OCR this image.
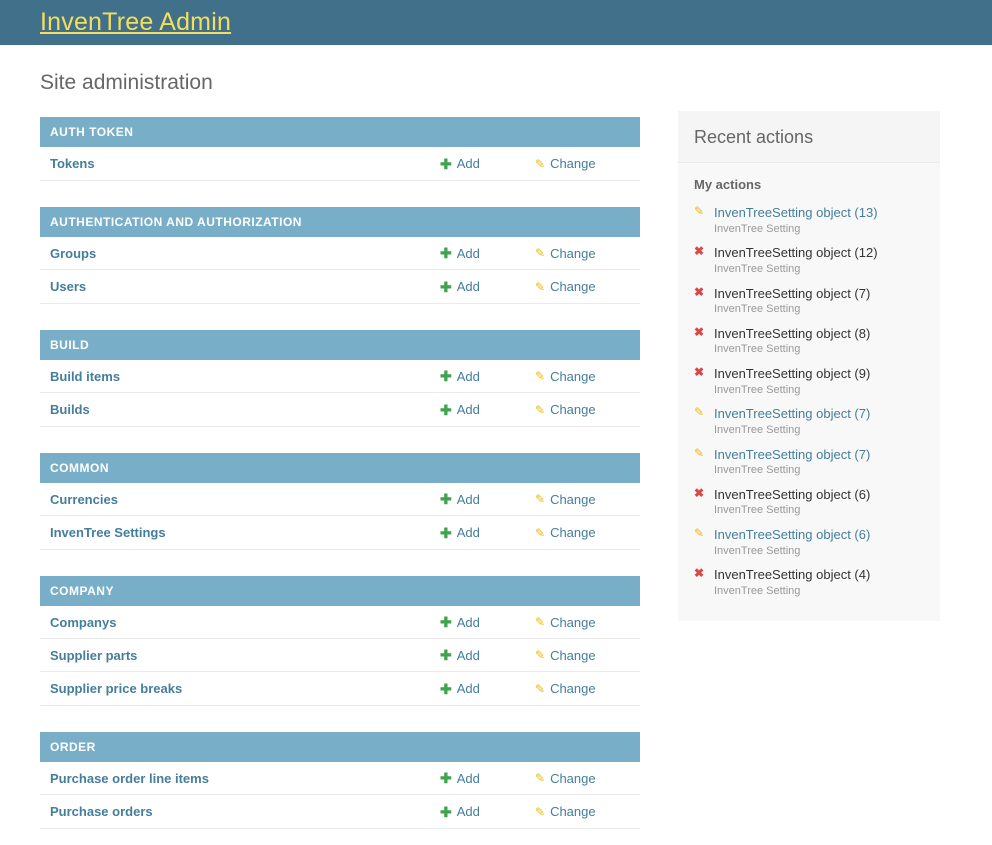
InvenTree Admin
Site administration
AUTH TOKEN
Tokens	✚ Add	✎ Change
AUTHENTICATION AND AUTHORIZATION
Groups	✚ Add	✎ Change
Users	✚ Add	✎ Change
BUILD
Build items	✚ Add	✎ Change
Builds	✚ Add	✎ Change
COMMON
Currencies	✚ Add	✎ Change
InvenTree Settings	✚ Add	✎ Change
COMPANY
Companys	✚ Add	✎ Change
Supplier parts	✚ Add	✎ Change
Supplier price breaks	✚ Add	✎ Change
ORDER
Purchase order line items	✚ Add	✎ Change
Purchase orders	✚ Add	✎ Change
Recent actions
My actions
✎ InvenTreeSetting object (13)
InvenTree Setting
✖ InvenTreeSetting object (12)
InvenTree Setting
✖ InvenTreeSetting object (7)
InvenTree Setting
✖ InvenTreeSetting object (8)
InvenTree Setting
✖ InvenTreeSetting object (9)
InvenTree Setting
✎ InvenTreeSetting object (7)
InvenTree Setting
✎ InvenTreeSetting object (7)
InvenTree Setting
✖ InvenTreeSetting object (6)
InvenTree Setting
✎ InvenTreeSetting object (6)
InvenTree Setting
✖ InvenTreeSetting object (4)
InvenTree Setting
